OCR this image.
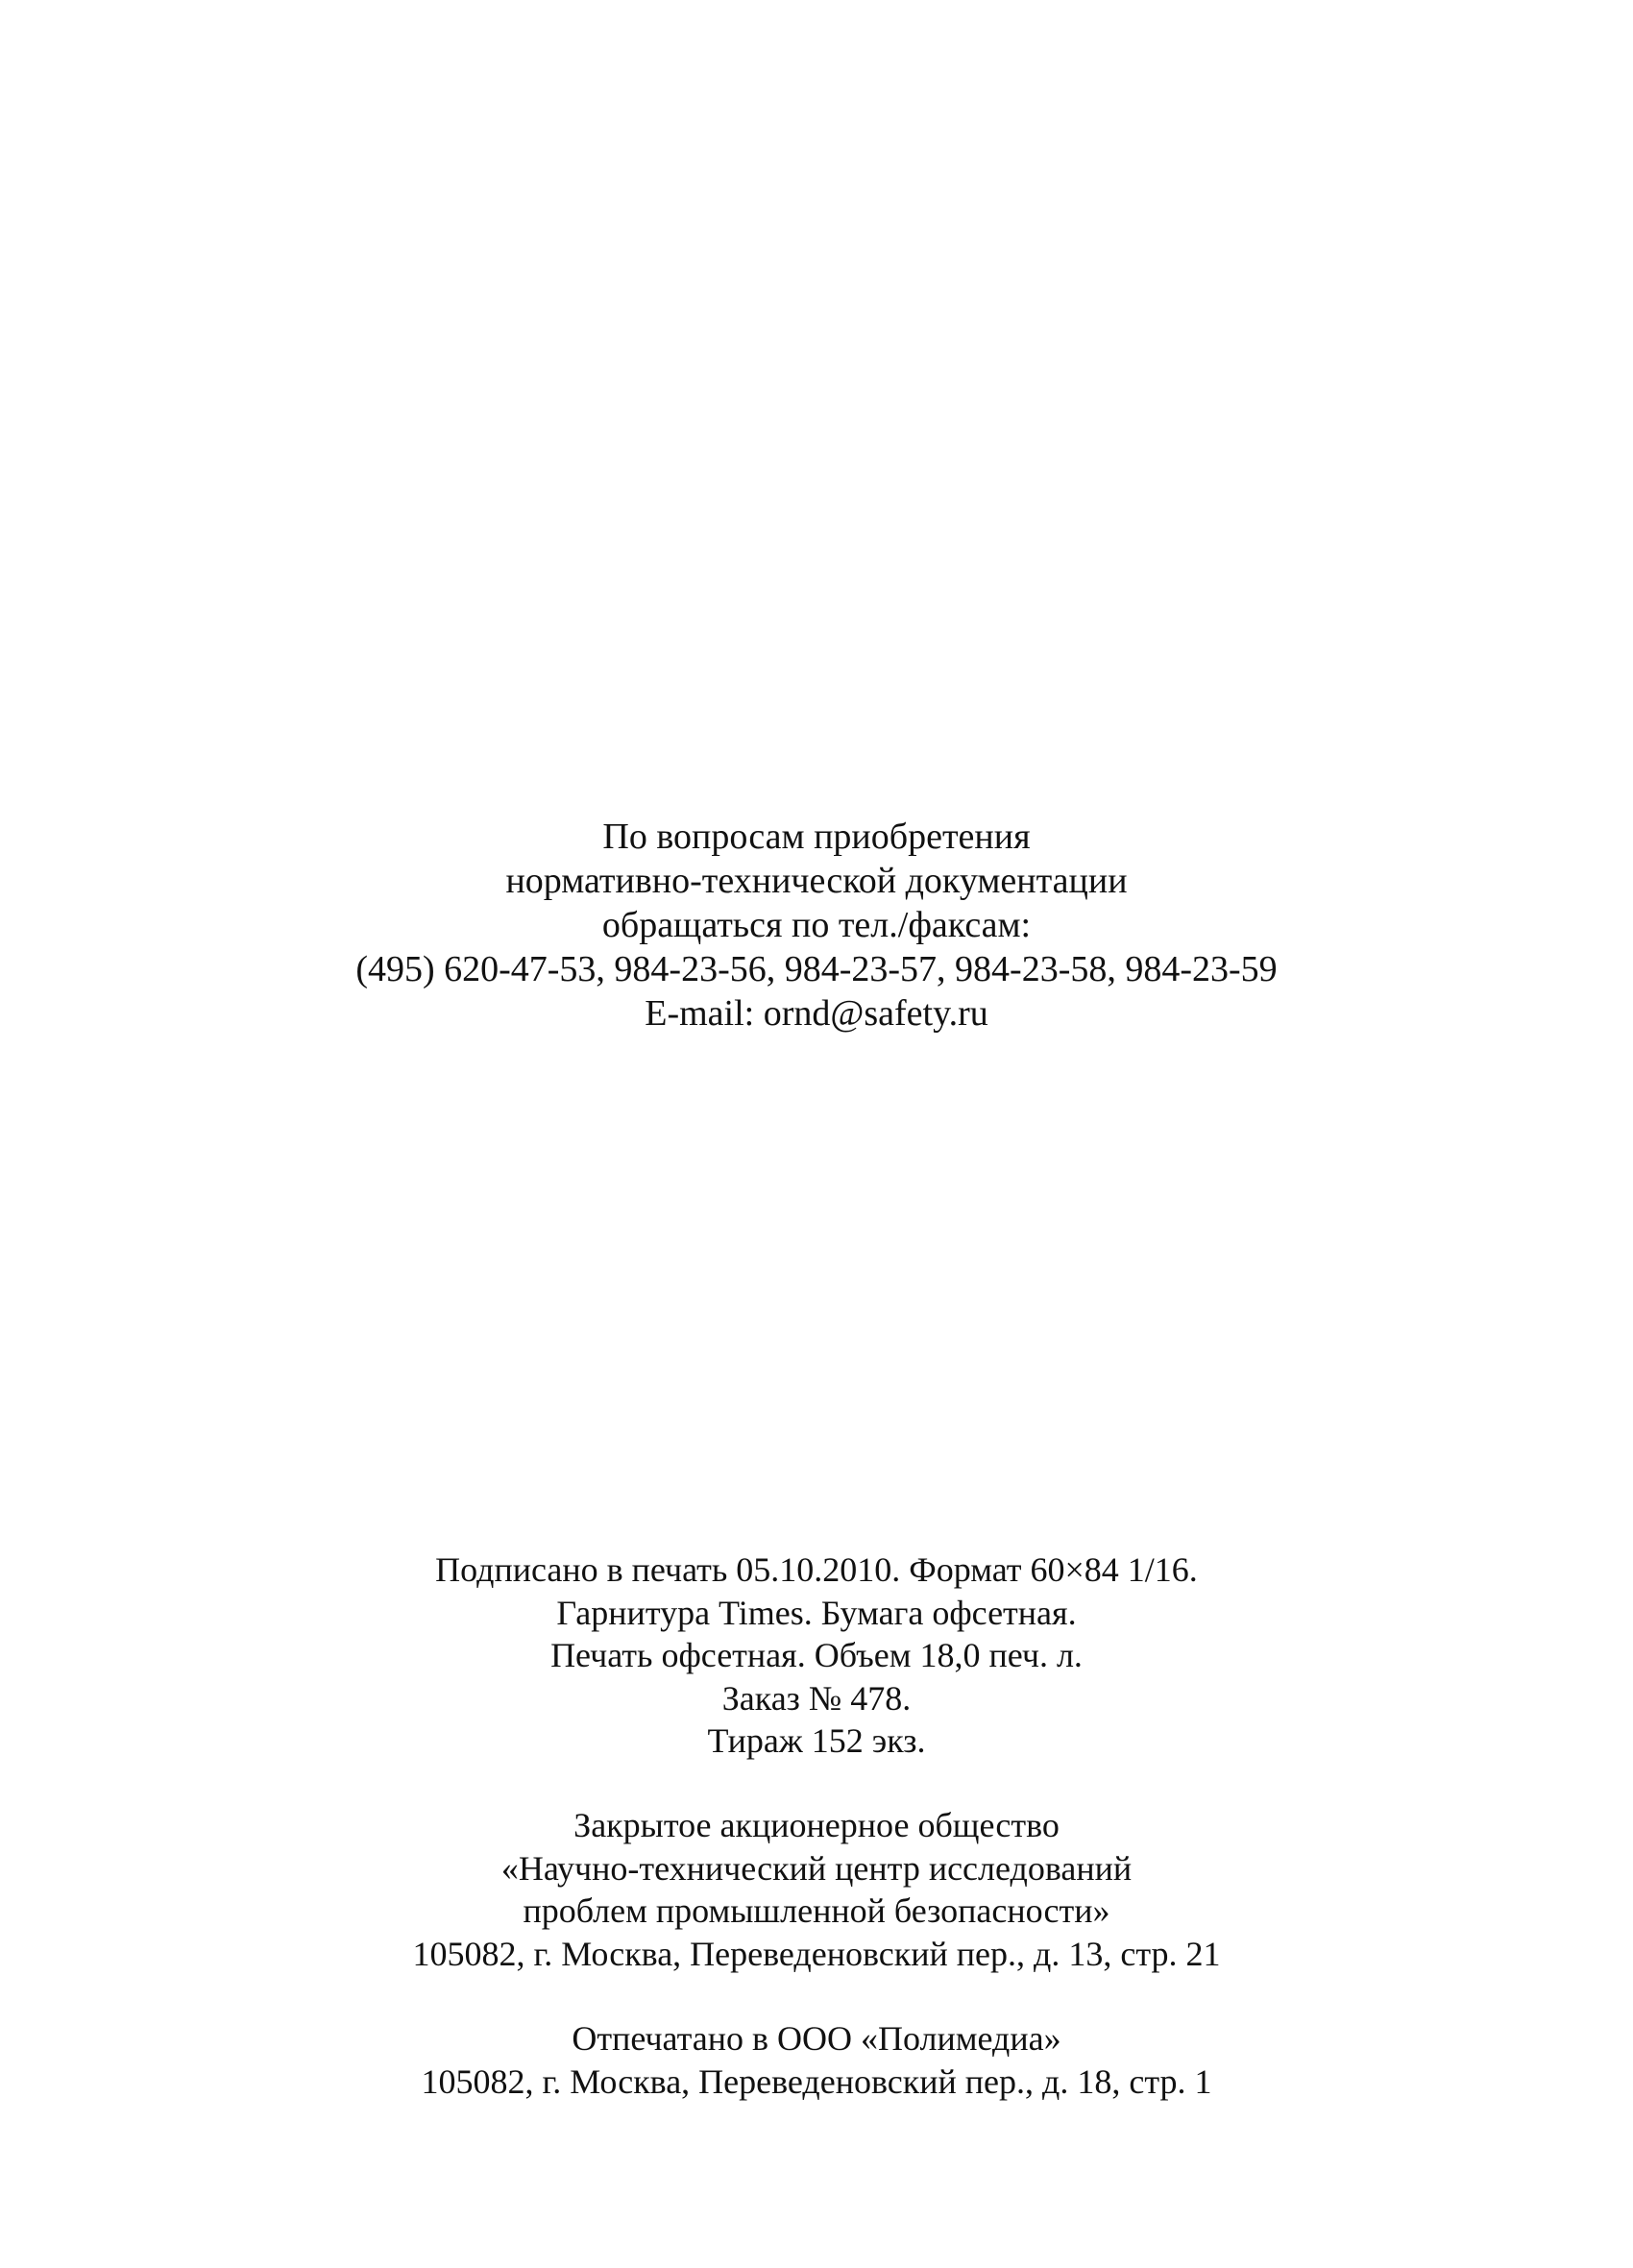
По вопросам приобретения
нормативно-технической документации
обращаться по тел./факсам:
(495) 620-47-53, 984-23-56, 984-23-57, 984-23-58, 984-23-59
E-mail: ornd@safety.ru
Подписано в печать 05.10.2010. Формат 60×84 1/16.
Гарнитура Times. Бумага офсетная.
Печать офсетная. Объем 18,0 печ. л.
Заказ № 478.
Тираж 152 экз.
Закрытое акционерное общество
«Научно-технический центр исследований
проблем промышленной безопасности»
105082, г. Москва, Переведеновский пер., д. 13, стр. 21
Отпечатано в ООО «Полимедиа»
105082, г. Москва, Переведеновский пер., д. 18, стр. 1
